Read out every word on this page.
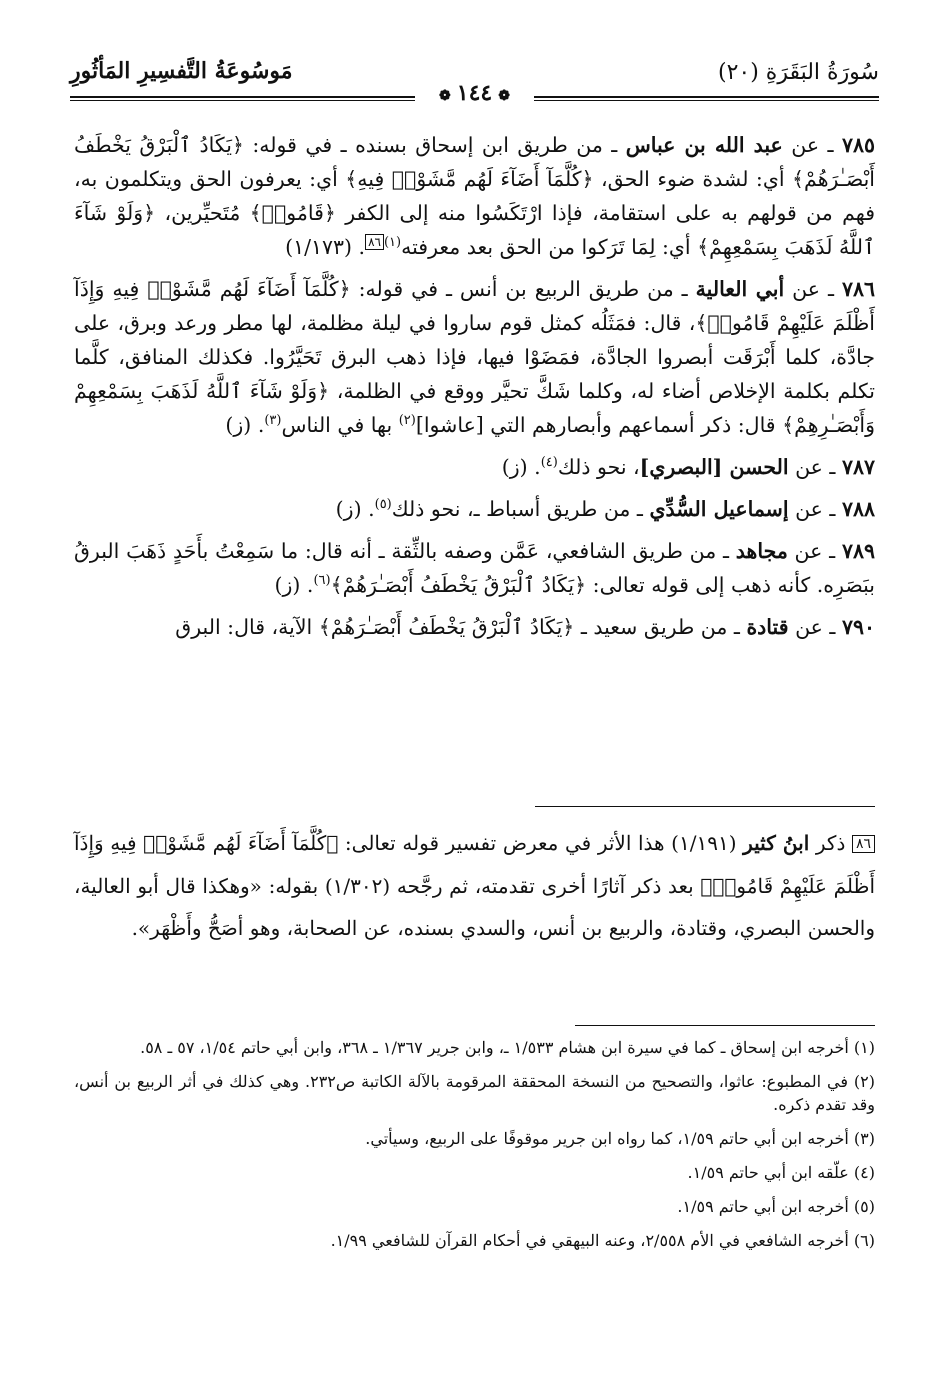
سُورَةُ البَقَرَةِ (٢٠)
مَوسُوعَةُ التَّفسِيرِ المَأثُورِ
❁١٤٤❁

٧٨٥ ـ عن عبد الله بن عباس ـ من طريق ابن إسحاق بسنده ـ في قوله: ﴿يَكَادُ ٱلْبَرْقُ يَخْطَفُ أَبْصَـٰرَهُمْ﴾ أي: لشدة ضوء الحق، ﴿كُلَّمَآ أَضَآءَ لَهُم مَّشَوْا۟ فِيهِ﴾ أي: يعرفون الحق ويتكلمون به، فهم من قولهم به على استقامة، فإذا ارْتَكَسُوا منه إلى الكفر ﴿قَامُوا۟﴾ مُتَحيِّرين، ﴿وَلَوْ شَآءَ ٱللَّهُ لَذَهَبَ بِسَمْعِهِمْ﴾ أي: لِمَا تَرَكوا من الحق بعد معرفته$^{(١)٨٦}$. (١/١٧٣)

٧٨٦ ـ عن أبي العالية ـ من طريق الربيع بن أنس ـ في قوله: ﴿كُلَّمَآ أَضَآءَ لَهُم مَّشَوْا۟ فِيهِ وَإِذَآ أَظْلَمَ عَلَيْهِمْ قَامُوا۟﴾، قال: فمَثَلُه كمثل قوم ساروا في ليلة مظلمة، لها مطر ورعد وبرق، على جادَّة، كلما أَبْرَقَت أبصروا الجادَّة، فمَضَوْا فيها، فإذا ذهب البرق تَحَيَّرُوا. فكذلك المنافق، كلَّما تكلم بكلمة الإخلاص أضاء له، وكلما شَكَّ تحيَّر ووقع في الظلمة، ﴿وَلَوْ شَآءَ ٱللَّهُ لَذَهَبَ بِسَمْعِهِمْ وَأَبْصَـٰرِهِمْ﴾ قال: ذكر أسماعهم وأبصارهم التي [عاشوا]$^{(٢)}$ بها في الناس$^{(٣)}$. (ز)

٧٨٧ ـ عن الحسن [البصري]، نحو ذلك$^{(٤)}$. (ز)

٧٨٨ ـ عن إسماعيل السُّدِّي ـ من طريق أسباط ـ، نحو ذلك$^{(٥)}$. (ز)

٧٨٩ ـ عن مجاهد ـ من طريق الشافعي، عَمَّن وصفه بالثِّقة ـ أنه قال: ما سَمِعْتُ بأَحَدٍ ذَهَبَ البرقُ ببَصَرِه. كأنه ذهب إلى قوله تعالى: ﴿يَكَادُ ٱلْبَرْقُ يَخْطَفُ أَبْصَـٰرَهُمْ﴾$^{(٦)}$. (ز)

٧٩٠ ـ عن قتادة ـ من طريق سعيد ـ ﴿يَكَادُ ٱلْبَرْقُ يَخْطَفُ أَبْصَـٰرَهُمْ﴾ الآية، قال: البرق

٨٦ ذكر ابنُ كثير (١/١٩١) هذا الأثر في معرض تفسير قوله تعالى: ﴿كُلَّمَآ أَضَآءَ لَهُم مَّشَوْا۟ فِيهِ وَإِذَآ أَظْلَمَ عَلَيْهِمْ قَامُوا۟﴾ بعد ذكر آثارًا أخرى تقدمته، ثم رجَّحه (١/٣٠٢) بقوله: «وهكذا قال أبو العالية، والحسن البصري، وقتادة، والربيع بن أنس، والسدي بسنده، عن الصحابة، وهو أصَحُّ وأَظْهَر».

(١) أخرجه ابن إسحاق ـ كما في سيرة ابن هشام ١/٥٣٣ ـ، وابن جرير ١/٣٦٧ ـ ٣٦٨، وابن أبي حاتم ١/٥٤، ٥٧ ـ ٥٨.

(٢) في المطبوع: عاثوا، والتصحيح من النسخة المحققة المرقومة بالآلة الكاتبة ص٢٣٢. وهي كذلك في أثر الربيع بن أنس، وقد تقدم ذكره.

(٣) أخرجه ابن أبي حاتم ١/٥٩، كما رواه ابن جرير موقوفًا على الربيع، وسيأتي.

(٤) علّقه ابن أبي حاتم ١/٥٩.

(٥) أخرجه ابن أبي حاتم ١/٥٩.

(٦) أخرجه الشافعي في الأم ٢/٥٥٨، وعنه البيهقي في أحكام القرآن للشافعي ١/٩٩.
